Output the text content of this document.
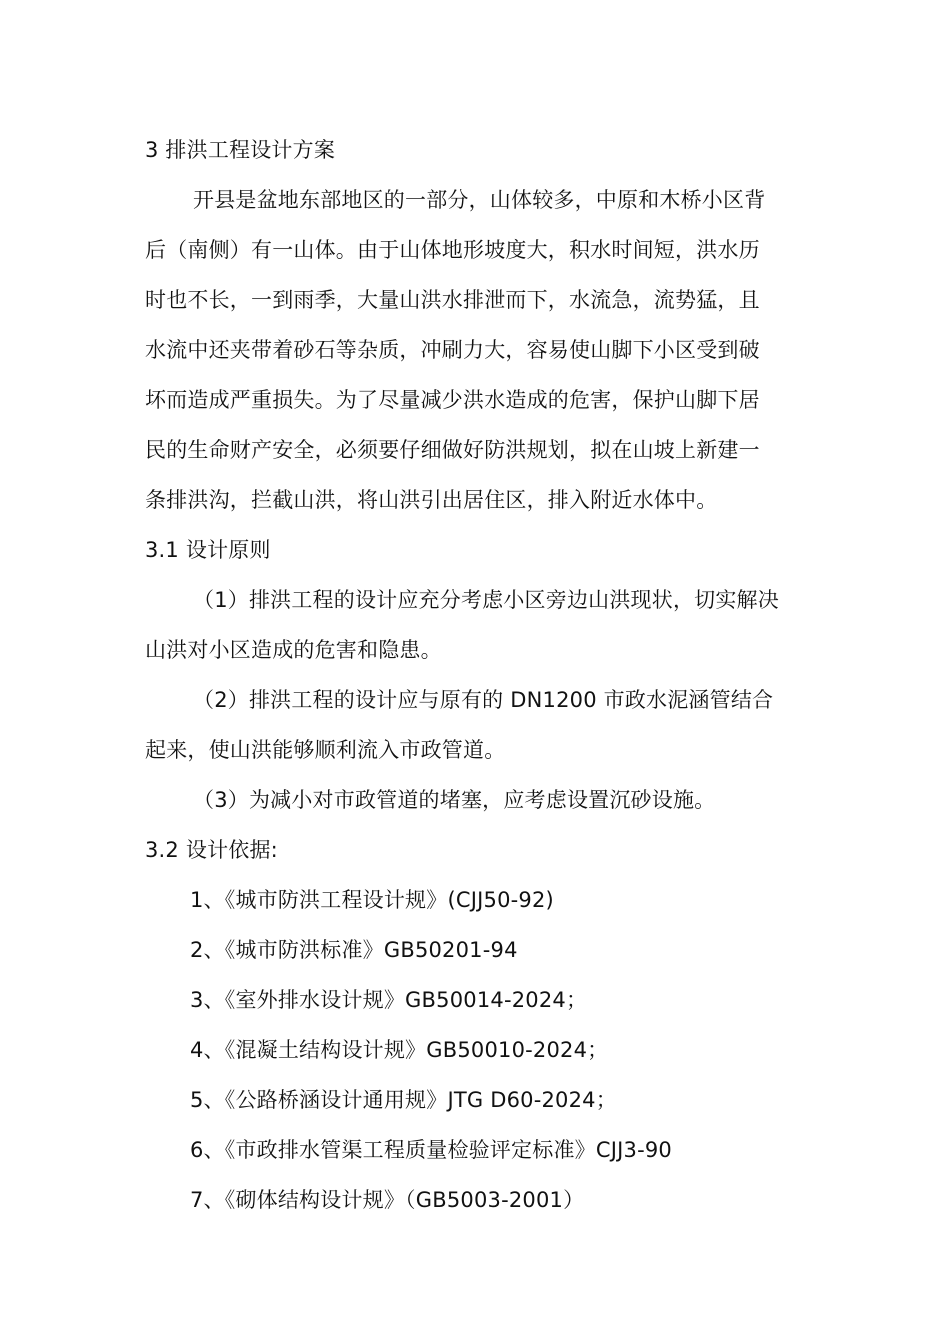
3 排洪工程设计方案
开县是盆地东部地区的一部分，山体较多，中原和木桥小区背
后（南侧）有一山体。由于山体地形坡度大，积水时间短，洪水历
时也不长，一到雨季，大量山洪水排泄而下，水流急，流势猛，且
水流中还夹带着砂石等杂质，冲刷力大，容易使山脚下小区受到破
坏而造成严重损失。为了尽量减少洪水造成的危害，保护山脚下居
民的生命财产安全，必须要仔细做好防洪规划，拟在山坡上新建一
条排洪沟，拦截山洪，将山洪引出居住区，排入附近水体中。
3.1 设计原则
（1）排洪工程的设计应充分考虑小区旁边山洪现状，切实解决
山洪对小区造成的危害和隐患。
（2）排洪工程的设计应与原有的 DN1200 市政水泥涵管结合
起来，使山洪能够顺利流入市政管道。
（3）为减小对市政管道的堵塞，应考虑设置沉砂设施。
3.2 设计依据:
1、《城市防洪工程设计规》(CJJ50-92)
2、《城市防洪标准》GB50201-94
3、《室外排水设计规》GB50014-2024；
4、《混凝土结构设计规》GB50010-2024；
5、《公路桥涵设计通用规》JTG D60-2024；
6、《市政排水管渠工程质量检验评定标准》CJJ3-90
7、《砌体结构设计规》（GB5003-2001）
